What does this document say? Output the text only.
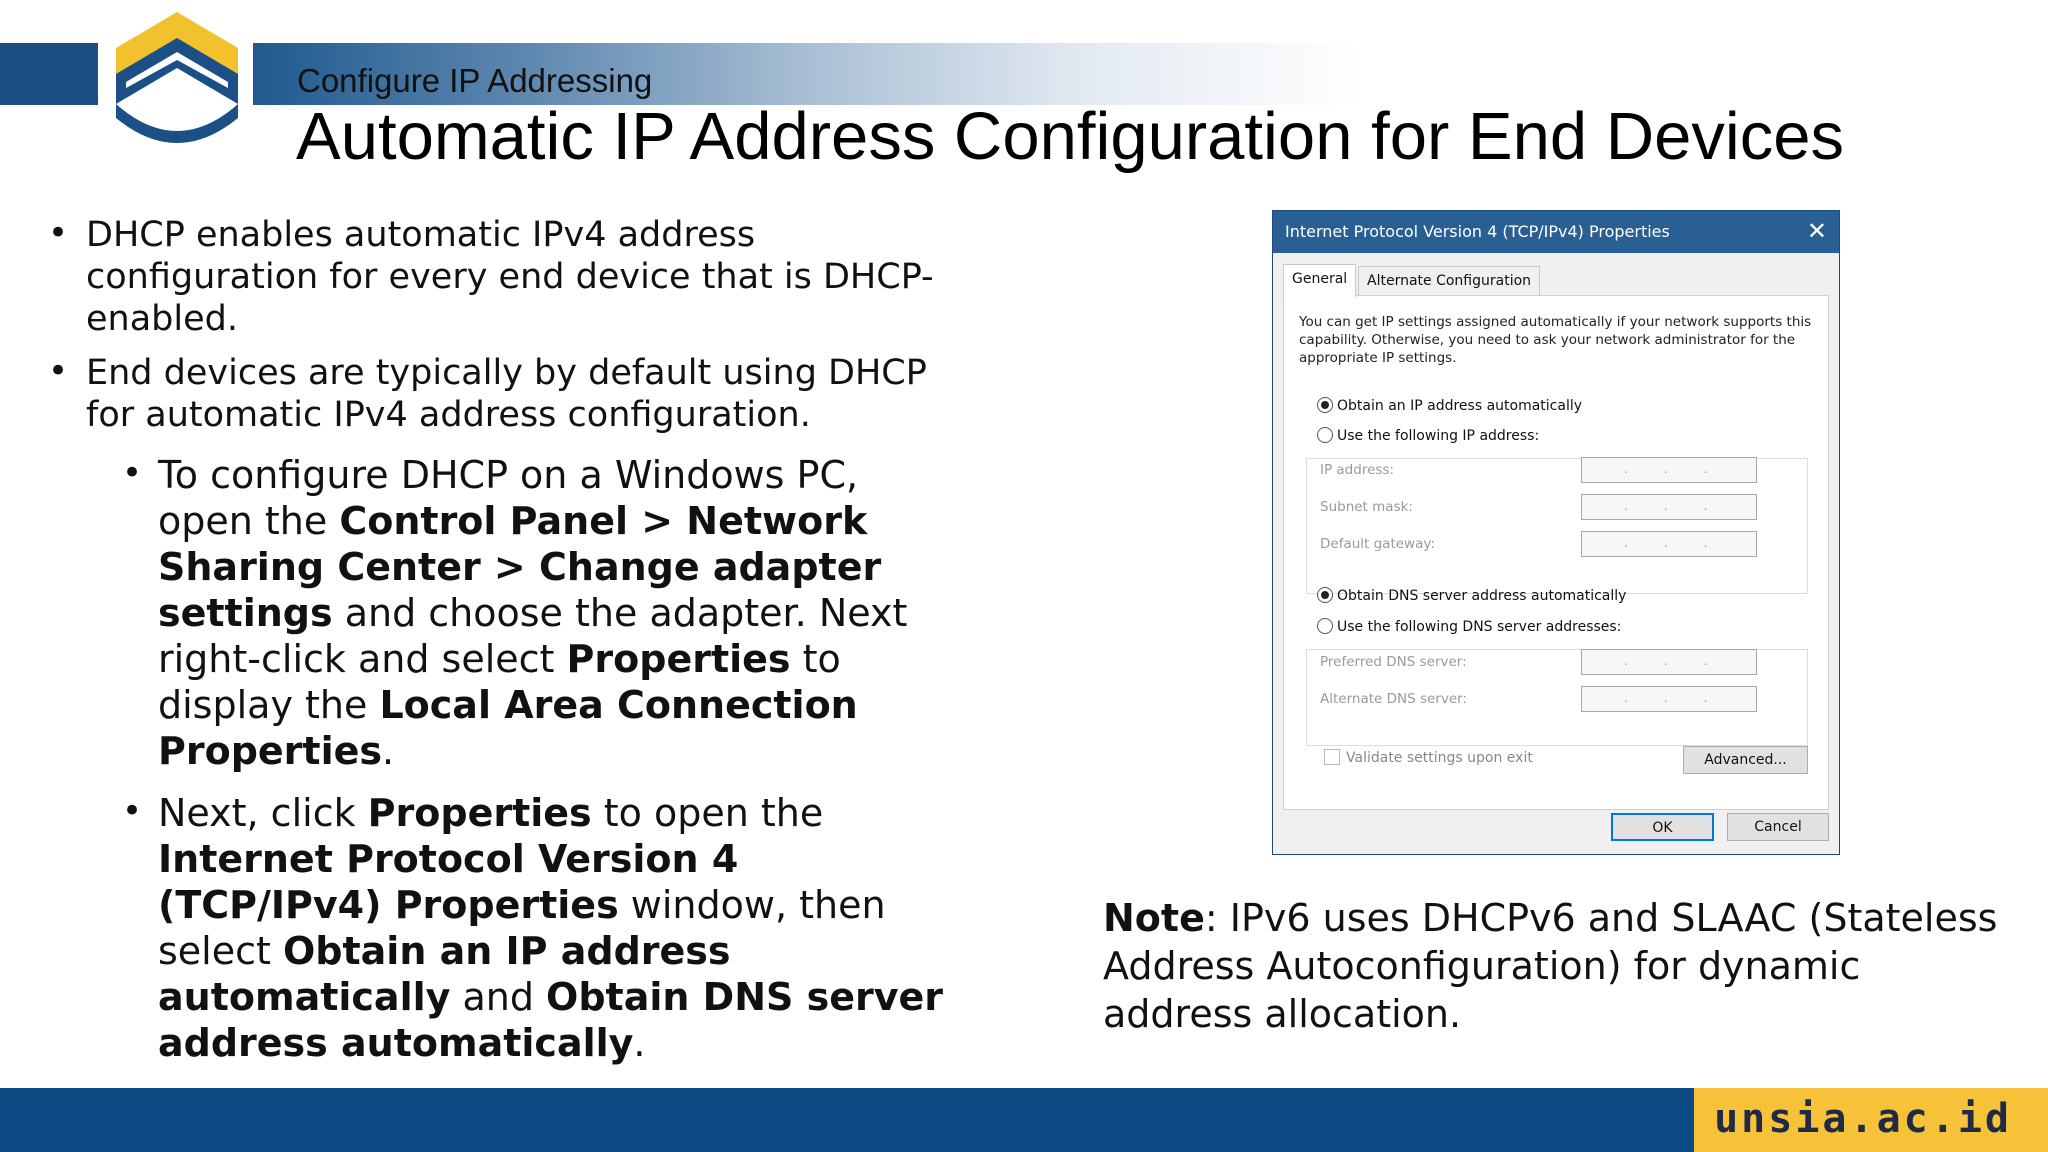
Configure IP Addressing
Automatic IP Address Configuration for End Devices
• DHCP enables automatic IPv4 address configuration for every end device that is DHCP-enabled.
• End devices are typically by default using DHCP for automatic IPv4 address configuration.
• To configure DHCP on a Windows PC, open the Control Panel > Network Sharing Center > Change adapter settings and choose the adapter. Next right-click and select Properties to display the Local Area Connection Properties.
• Next, click Properties to open the Internet Protocol Version 4 (TCP/IPv4) Properties window, then select Obtain an IP address automatically and Obtain DNS server address automatically.
Internet Protocol Version 4 (TCP/IPv4) Properties	✕
General	Alternate Configuration
You can get IP settings assigned automatically if your network supports this capability. Otherwise, you need to ask your network administrator for the appropriate IP settings.
Obtain an IP address automatically
Use the following IP address:
IP address:	...
Subnet mask:	...
Default gateway:	...
Obtain DNS server address automatically
Use the following DNS server addresses:
Preferred DNS server:	...
Alternate DNS server:	...
Validate settings upon exit	Advanced...
OK	Cancel
Note: IPv6 uses DHCPv6 and SLAAC (Stateless Address Autoconfiguration) for dynamic address allocation.
unsia.ac.id
